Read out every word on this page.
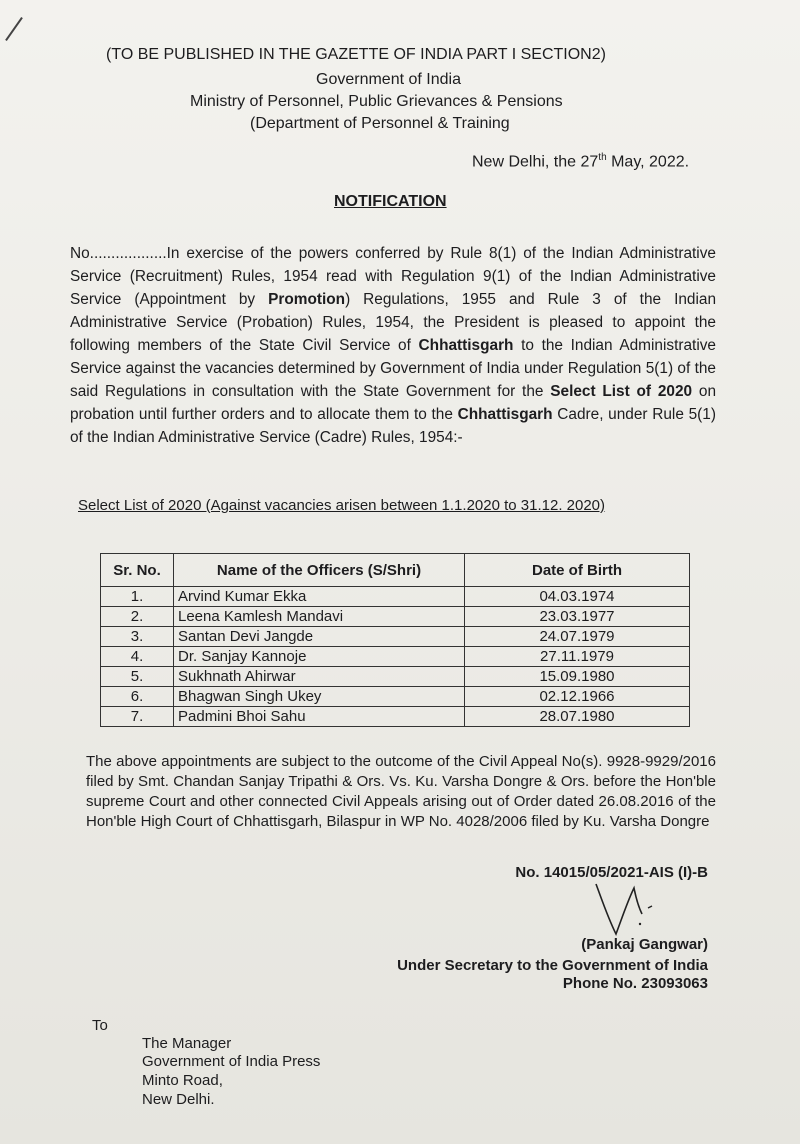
(TO BE PUBLISHED IN THE GAZETTE OF INDIA PART I SECTION2)
Government of India
Ministry of Personnel, Public Grievances & Pensions
(Department of Personnel & Training
New Delhi, the 27th May, 2022.
NOTIFICATION
No..................In exercise of the powers conferred by Rule 8(1) of the Indian Administrative Service (Recruitment) Rules, 1954 read with Regulation 9(1) of the Indian Administrative Service (Appointment by Promotion) Regulations, 1955 and Rule 3 of the Indian Administrative Service (Probation) Rules, 1954, the President is pleased to appoint the following members of the State Civil Service of Chhattisgarh to the Indian Administrative Service against the vacancies determined by Government of India under Regulation 5(1) of the said Regulations in consultation with the State Government for the Select List of 2020 on probation until further orders and to allocate them to the Chhattisgarh Cadre, under Rule 5(1) of the Indian Administrative Service (Cadre) Rules, 1954:-
Select List of 2020 (Against vacancies arisen between 1.1.2020 to 31.12. 2020)
Sr. No.	Name of the Officers (S/Shri)	Date of Birth
1.	Arvind Kumar Ekka	04.03.1974
2.	Leena Kamlesh Mandavi	23.03.1977
3.	Santan Devi Jangde	24.07.1979
4.	Dr. Sanjay Kannoje	27.11.1979
5.	Sukhnath Ahirwar	15.09.1980
6.	Bhagwan Singh Ukey	02.12.1966
7.	Padmini Bhoi Sahu	28.07.1980
The above appointments are subject to the outcome of the Civil Appeal No(s). 9928-9929/2016 filed by Smt. Chandan Sanjay Tripathi & Ors. Vs. Ku. Varsha Dongre & Ors. before the Hon'ble supreme Court and other connected Civil Appeals arising out of Order dated 26.08.2016 of the Hon'ble High Court of Chhattisgarh, Bilaspur in WP No. 4028/2006 filed by Ku. Varsha Dongre
No. 14015/05/2021-AIS (I)-B
(Pankaj Gangwar)
Under Secretary to the Government of India
Phone No. 23093063
To
The Manager
Government of India Press
Minto Road,
New Delhi.
